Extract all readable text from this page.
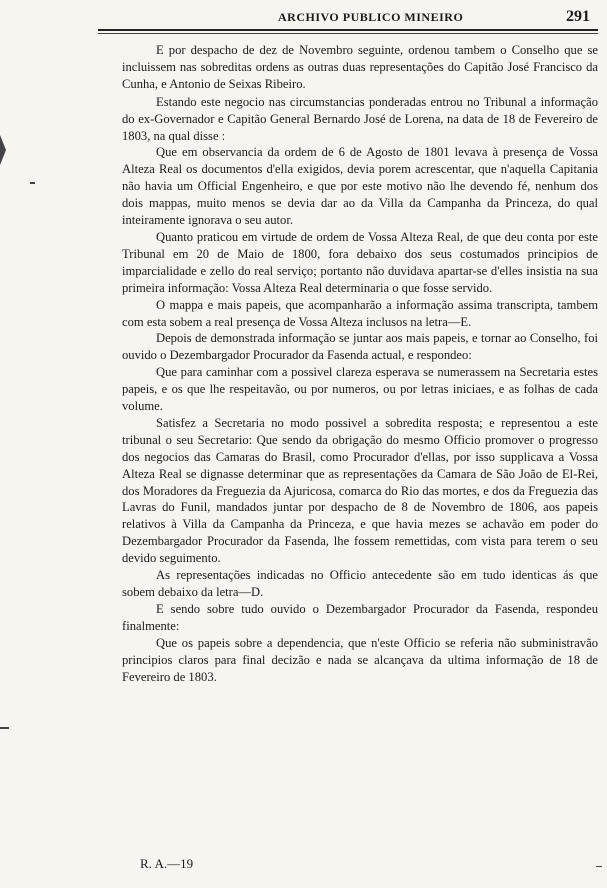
ARCHIVO PUBLICO MINEIRO	291

E por despacho de dez de Novembro seguinte, ordenou tambem o Conselho que se incluissem nas sobreditas ordens as outras duas representações do Capitão José Francisco da Cunha, e Antonio de Seixas Ribeiro.

Estando este negocio nas circumstancias ponderadas entrou no Tribunal a informação do ex-Governador e Capitão General Bernardo José de Lorena, na data de 18 de Fevereiro de 1803, na qual disse :

Que em observancia da ordem de 6 de Agosto de 1801 levava à presença de Vossa Alteza Real os documentos d'ella exigidos, devia porem acrescentar, que n'aquella Capitania não havia um Official Engenheiro, e que por este motivo não lhe devendo fé, nenhum dos dois mappas, muito menos se devia dar ao da Villa da Campanha da Princeza, do qual inteiramente ignorava o seu autor.

Quanto praticou em virtude de ordem de Vossa Alteza Real, de que deu conta por este Tribunal em 20 de Maio de 1800, fora debaixo dos seus costumados principios de imparcialidade e zello do real serviço; portanto não duvidava apartar-se d'elles insistia na sua primeira informação: Vossa Alteza Real determinaria o que fosse servido.

O mappa e mais papeis, que acompanharão a informação assima transcripta, tambem com esta sobem a real presença de Vossa Alteza inclusos na letra—E.

Depois de demonstrada informação se juntar aos mais papeis, e tornar ao Conselho, foi ouvido o Dezembargador Procurador da Fasenda actual, e respondeo:

Que para caminhar com a possivel clareza esperava se numerassem na Secretaria estes papeis, e os que lhe respeitavão, ou por numeros, ou por letras iniciaes, e as folhas de cada volume.

Satisfez a Secretaria no modo possivel a sobredita resposta; e representou a este tribunal o seu Secretario: Que sendo da obrigação do mesmo Officio promover o progresso dos negocios das Camaras do Brasil, como Procurador d'ellas, por isso supplicava a Vossa Alteza Real se dignasse determinar que as representações da Camara de São João de El-Rei, dos Moradores da Freguezia da Ajuricosa, comarca do Rio das mortes, e dos da Freguezia das Lavras do Funil, mandados juntar por despacho de 8 de Novembro de 1806, aos papeis relativos à Villa da Campanha da Princeza, e que havia mezes se achavão em poder do Dezembargador Procurador da Fasenda, lhe fossem remettidas, com vista para terem o seu devido seguimento.

As representações indicadas no Officio antecedente são em tudo identicas ás que sobem debaixo da letra—D.

E sendo sobre tudo ouvido o Dezembargador Procurador da Fasenda, respondeu finalmente:

Que os papeis sobre a dependencia, que n'este Officio se referia não subministravão principios claros para final decizão e nada se alcançava da ultima informação de 18 de Fevereiro de 1803.

R. A.—19
